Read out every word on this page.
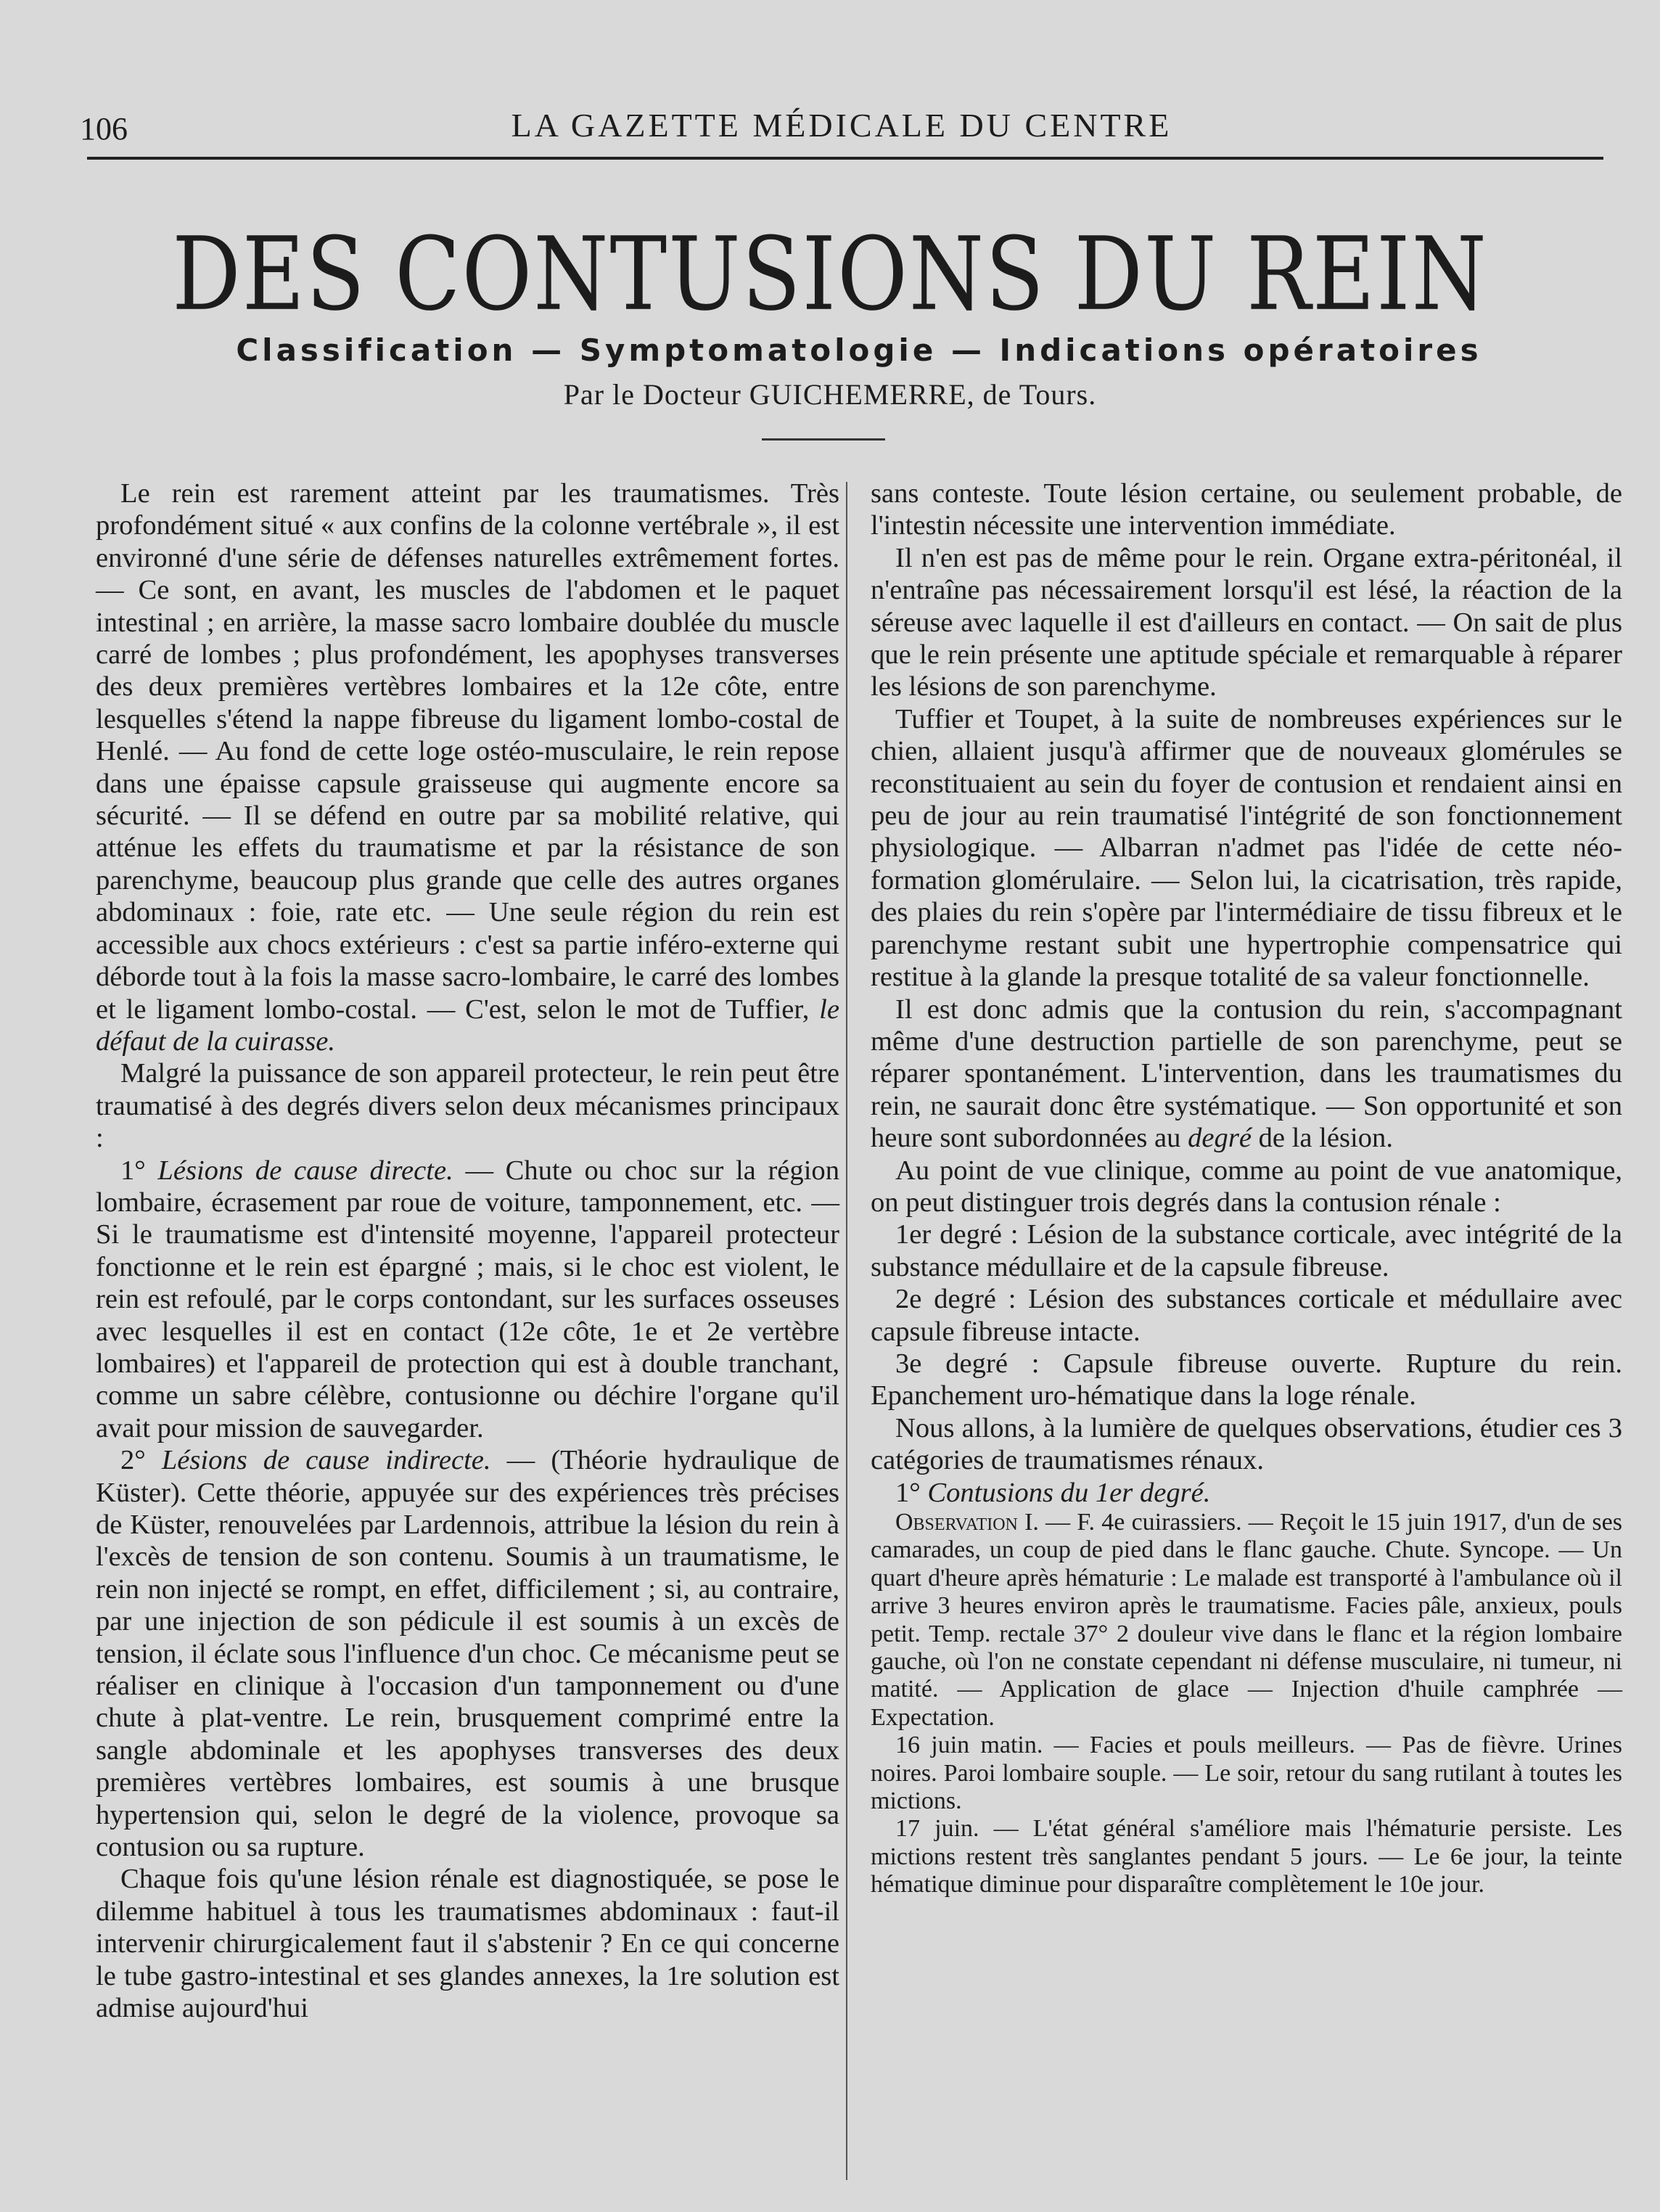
106	LA GAZETTE MÉDICALE DU CENTRE
DES CONTUSIONS DU REIN
Classification — Symptomatologie — Indications opératoires
Par le Docteur GUICHEMERRE, de Tours.

Le rein est rarement atteint par les traumatismes. Très profondément situé « aux confins de la colonne vertébrale », il est environné d'une série de défenses naturelles extrêmement fortes. — Ce sont, en avant, les muscles de l'abdomen et le paquet intestinal ; en arrière, la masse sacro lombaire doublée du muscle carré de lombes ; plus profondément, les apophyses transverses des deux premières vertèbres lombaires et la 12e côte, entre lesquelles s'étend la nappe fibreuse du ligament lombo-costal de Henlé. — Au fond de cette loge ostéo-musculaire, le rein repose dans une épaisse capsule graisseuse qui augmente encore sa sécurité. — Il se défend en outre par sa mobilité relative, qui atténue les effets du traumatisme et par la résistance de son parenchyme, beaucoup plus grande que celle des autres organes abdominaux : foie, rate etc. — Une seule région du rein est accessible aux chocs extérieurs : c'est sa partie inféro-externe qui déborde tout à la fois la masse sacro-lombaire, le carré des lombes et le ligament lombo-costal. — C'est, selon le mot de Tuffier, le défaut de la cuirasse.

Malgré la puissance de son appareil protecteur, le rein peut être traumatisé à des degrés divers selon deux mécanismes principaux :

1° Lésions de cause directe. — Chute ou choc sur la région lombaire, écrasement par roue de voiture, tamponnement, etc. — Si le traumatisme est d'intensité moyenne, l'appareil protecteur fonctionne et le rein est épargné ; mais, si le choc est violent, le rein est refoulé, par le corps contondant, sur les surfaces osseuses avec lesquelles il est en contact (12e côte, 1e et 2e vertèbre lombaires) et l'appareil de protection qui est à double tranchant, comme un sabre célèbre, contusionne ou déchire l'organe qu'il avait pour mission de sauvegarder.

2° Lésions de cause indirecte. — (Théorie hydraulique de Küster). Cette théorie, appuyée sur des expériences très précises de Küster, renouvelées par Lardennois, attribue la lésion du rein à l'excès de tension de son contenu. Soumis à un traumatisme, le rein non injecté se rompt, en effet, difficilement ; si, au contraire, par une injection de son pédicule il est soumis à un excès de tension, il éclate sous l'influence d'un choc. Ce mécanisme peut se réaliser en clinique à l'occasion d'un tamponnement ou d'une chute à plat-ventre. Le rein, brusquement comprimé entre la sangle abdominale et les apophyses transverses des deux premières vertèbres lombaires, est soumis à une brusque hypertension qui, selon le degré de la violence, provoque sa contusion ou sa rupture.

Chaque fois qu'une lésion rénale est diagnostiquée, se pose le dilemme habituel à tous les traumatismes abdominaux : faut-il intervenir chirurgicalement faut il s'abstenir ? En ce qui concerne le tube gastro-intestinal et ses glandes annexes, la 1re solution est admise aujourd'hui

sans conteste. Toute lésion certaine, ou seulement probable, de l'intestin nécessite une intervention immédiate.

Il n'en est pas de même pour le rein. Organe extra-péritonéal, il n'entraîne pas nécessairement lorsqu'il est lésé, la réaction de la séreuse avec laquelle il est d'ailleurs en contact. — On sait de plus que le rein présente une aptitude spéciale et remarquable à réparer les lésions de son parenchyme.

Tuffier et Toupet, à la suite de nombreuses expériences sur le chien, allaient jusqu'à affirmer que de nouveaux glomérules se reconstituaient au sein du foyer de contusion et rendaient ainsi en peu de jour au rein traumatisé l'intégrité de son fonctionnement physiologique. — Albarran n'admet pas l'idée de cette néo-formation glomérulaire. — Selon lui, la cicatrisation, très rapide, des plaies du rein s'opère par l'intermédiaire de tissu fibreux et le parenchyme restant subit une hypertrophie compensatrice qui restitue à la glande la presque totalité de sa valeur fonctionnelle.

Il est donc admis que la contusion du rein, s'accompagnant même d'une destruction partielle de son parenchyme, peut se réparer spontanément. L'intervention, dans les traumatismes du rein, ne saurait donc être systématique. — Son opportunité et son heure sont subordonnées au degré de la lésion.

Au point de vue clinique, comme au point de vue anatomique, on peut distinguer trois degrés dans la contusion rénale :

1er degré : Lésion de la substance corticale, avec intégrité de la substance médullaire et de la capsule fibreuse.

2e degré : Lésion des substances corticale et médullaire avec capsule fibreuse intacte.

3e degré : Capsule fibreuse ouverte. Rupture du rein. Epanchement uro-hématique dans la loge rénale.

Nous allons, à la lumière de quelques observations, étudier ces 3 catégories de traumatismes rénaux.

1° Contusions du 1er degré.

Observation I. — F. 4e cuirassiers. — Reçoit le 15 juin 1917, d'un de ses camarades, un coup de pied dans le flanc gauche. Chute. Syncope. — Un quart d'heure après hématurie : Le malade est transporté à l'ambulance où il arrive 3 heures environ après le traumatisme. Facies pâle, anxieux, pouls petit. Temp. rectale 37° 2 douleur vive dans le flanc et la région lombaire gauche, où l'on ne constate cependant ni défense musculaire, ni tumeur, ni matité. — Application de glace — Injection d'huile camphrée — Expectation.

16 juin matin. — Facies et pouls meilleurs. — Pas de fièvre. Urines noires. Paroi lombaire souple. — Le soir, retour du sang rutilant à toutes les mictions.

17 juin. — L'état général s'améliore mais l'hématurie persiste. Les mictions restent très sanglantes pendant 5 jours. — Le 6e jour, la teinte hématique diminue pour disparaître complètement le 10e jour.
